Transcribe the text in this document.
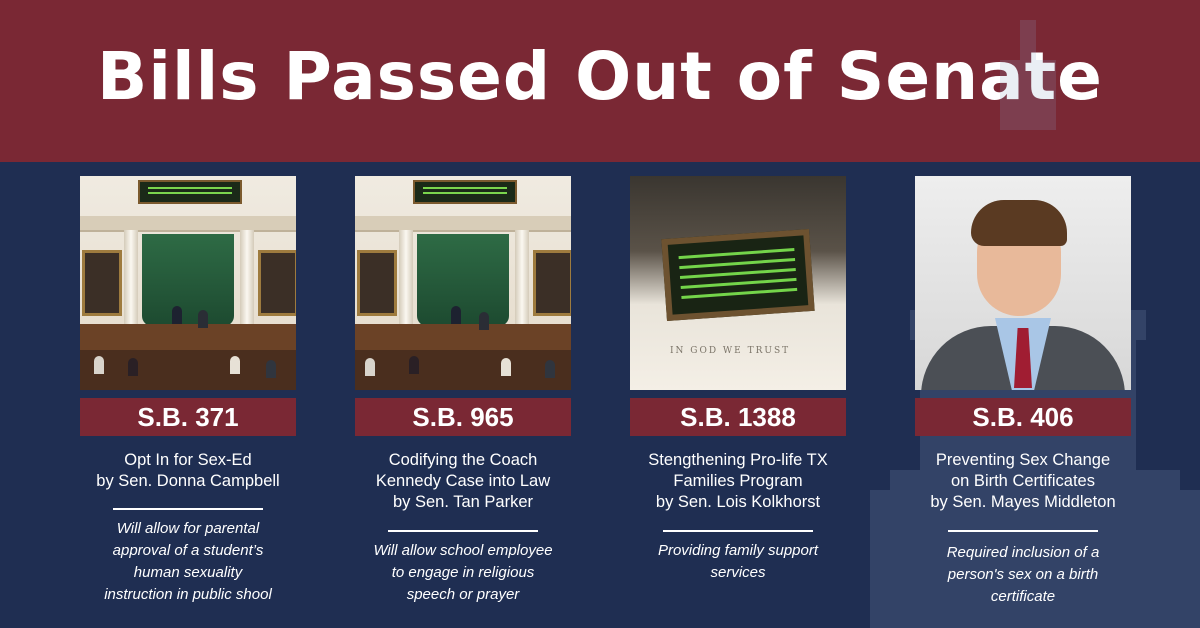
Bills Passed Out of Senate
S.B. 371
Opt In for Sex-Ed
by Sen. Donna Campbell
Will allow for parental
approval of a student’s
human sexuality
instruction in public shool
S.B. 965
Codifying the Coach
Kennedy Case into Law
by Sen. Tan Parker
Will allow school employee
to engage in religious
speech or prayer
IN GOD WE TRUST
S.B. 1388
Stengthening Pro-life TX
Families Program
by Sen. Lois Kolkhorst
Providing family support
services
S.B. 406
Preventing Sex Change
on Birth Certificates
by Sen. Mayes Middleton
Required inclusion of a
person's sex on a birth
certificate
